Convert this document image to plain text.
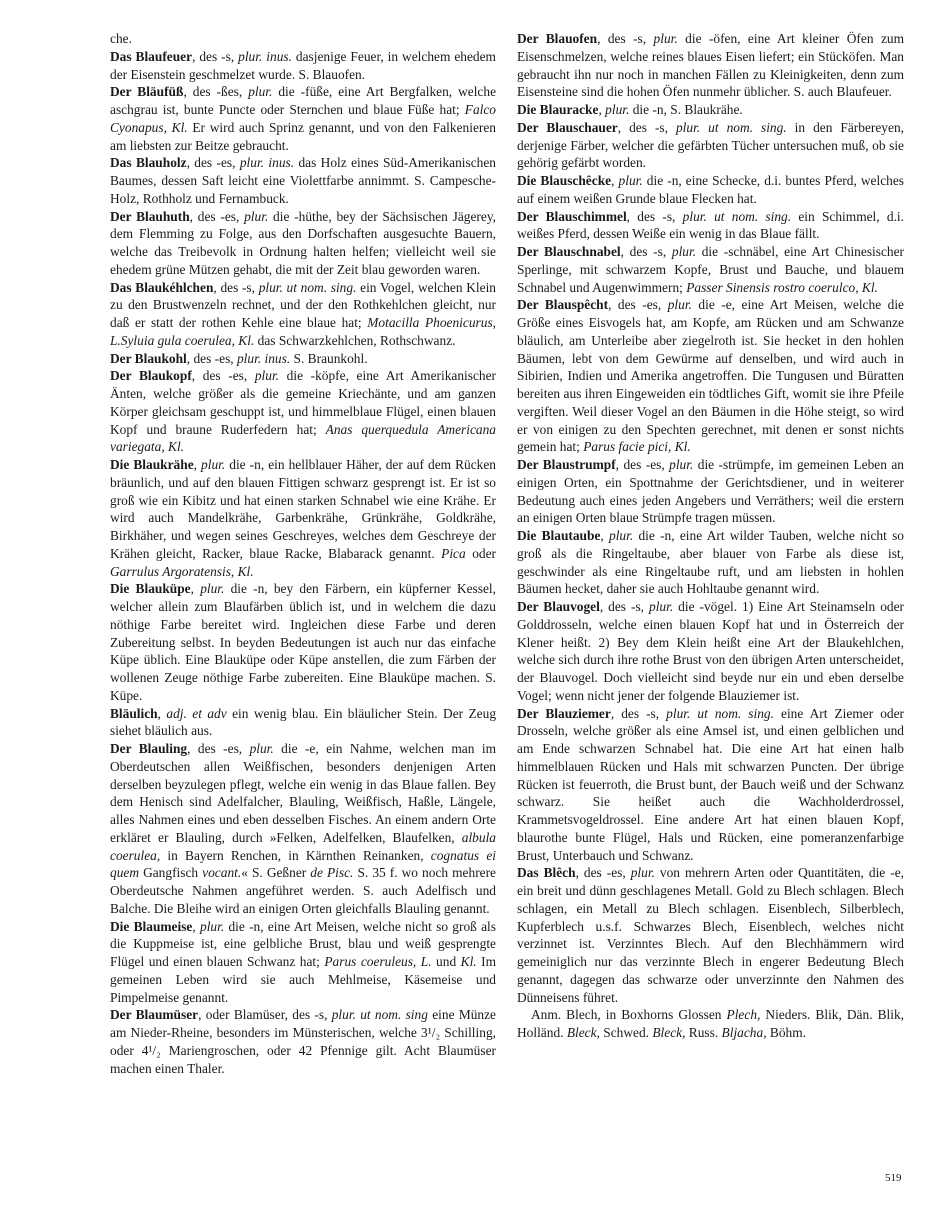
che.

Das Blaufeuer, des -s, plur. inus. dasjenige Feuer, in welchem ehedem der Eisenstein geschmelzet wurde. S. Blauofen.

Der Bläufüß, des -ßes, plur. die -füße, eine Art Bergfalken, welche aschgrau ist, bunte Puncte oder Sternchen und blaue Füße hat; Falco Cyonapus, Kl. Er wird auch Sprinz genannt, und von den Falkenieren am liebsten zur Beitze gebraucht.

Das Blauholz, des -es, plur. inus. das Holz eines Süd-Amerikanischen Baumes, dessen Saft leicht eine Violettfarbe annimmt. S. Campesche-Holz, Rothholz und Fernambuck.

Der Blauhuth, des -es, plur. die -hüthe, bey der Sächsischen Jägerey, dem Flemming zu Folge, aus den Dorfschaften ausgesuchte Bauern, welche das Treibevolk in Ordnung halten helfen; vielleicht weil sie ehedem grüne Mützen gehabt, die mit der Zeit blau geworden waren.

Das Blaukéhlchen, des -s, plur. ut nom. sing. ein Vogel, welchen Klein zu den Brustwenzeln rechnet, und der den Rothkehlchen gleicht, nur daß er statt der rothen Kehle eine blaue hat; Motacilla Phoenicurus, L.Syluia gula coerulea, Kl. das Schwarzkehlchen, Rothschwanz.

Der Blaukohl, des -es, plur. inus. S. Braunkohl.

Der Blaukopf, des -es, plur. die -köpfe, eine Art Amerikanischer Änten, welche größer als die gemeine Kriechänte, und am ganzen Körper gleichsam geschuppt ist, und himmelblaue Flügel, einen blauen Kopf und braune Ruderfedern hat; Anas querquedula Americana variegata, Kl.

Die Blaukrähe, plur. die -n, ein hellblauer Häher, der auf dem Rücken bräunlich, und auf den blauen Fittigen schwarz gesprengt ist. Er ist so groß wie ein Kibitz und hat einen starken Schnabel wie eine Krähe. Er wird auch Mandelkrähe, Garbenkrähe, Grünkrähe, Goldkrähe, Birkhäher, und wegen seines Geschreyes, welches dem Geschreye der Krähen gleicht, Racker, blaue Racke, Blabarack genannt. Pica oder Garrulus Argoratensis, Kl.

Die Blauküpe, plur. die -n, bey den Färbern, ein küpferner Kessel, welcher allein zum Blaufärben üblich ist, und in welchem die dazu nöthige Farbe bereitet wird. Ingleichen diese Farbe und deren Zubereitung selbst. In beyden Bedeutungen ist auch nur das einfache Küpe üblich. Eine Blauküpe oder Küpe anstellen, die zum Färben der wollenen Zeuge nöthige Farbe zubereiten. Eine Blauküpe machen. S. Küpe.

Bläulich, adj. et adv ein wenig blau. Ein bläulicher Stein. Der Zeug siehet bläulich aus.

Der Blauling, des -es, plur. die -e, ein Nahme, welchen man im Oberdeutschen allen Weißfischen, besonders denjenigen Arten derselben beyzulegen pflegt, welche ein wenig in das Blaue fallen. Bey dem Henisch sind Adelfalcher, Blauling, Weißfisch, Haßle, Längele, alles Nahmen eines und eben desselben Fisches. An einem andern Orte erkläret er Blauling, durch »Felken, Adelfelken, Blaufelken, albula coerulea, in Bayern Renchen, in Kärnthen Reinanken, cognatus ei quem Gangfisch vocant.« S. Geßner de Pisc. S. 35 f. wo noch mehrere Oberdeutsche Nahmen angeführet werden. S. auch Adelfisch und Balche. Die Bleihe wird an einigen Orten gleichfalls Blauling genannt.

Die Blaumeise, plur. die -n, eine Art Meisen, welche nicht so groß als die Kuppmeise ist, eine gelbliche Brust, blau und weiß gesprengte Flügel und einen blauen Schwanz hat; Parus coeruleus, L. und Kl. Im gemeinen Leben wird sie auch Mehlmeise, Käsemeise und Pimpelmeise genannt.

Der Blaumüser, oder Blamüser, des -s, plur. ut nom. sing eine Münze am Nieder-Rheine, besonders im Münsterischen, welche 3¹/₂ Schilling, oder 4¹/₂ Mariengroschen, oder 42 Pfennige gilt. Acht Blaumüser machen einen Thaler.

Der Blauofen, des -s, plur. die -öfen, eine Art kleiner Öfen zum Eisenschmelzen, welche reines blaues Eisen liefert; ein Stücköfen. Man gebraucht ihn nur noch in manchen Fällen zu Kleinigkeiten, denn zum Eisensteine sind die hohen Öfen nunmehr üblicher. S. auch Blaufeuer.

Die Blauracke, plur. die -n, S. Blaukrähe.

Der Blauschauer, des -s, plur. ut nom. sing. in den Färbereyen, derjenige Färber, welcher die gefärbten Tücher untersuchen muß, ob sie gehörig gefärbt worden.

Die Blauschêcke, plur. die -n, eine Schecke, d.i. buntes Pferd, welches auf einem weißen Grunde blaue Flecken hat.

Der Blauschimmel, des -s, plur. ut nom. sing. ein Schimmel, d.i. weißes Pferd, dessen Weiße ein wenig in das Blaue fällt.

Der Blauschnabel, des -s, plur. die -schnäbel, eine Art Chinesischer Sperlinge, mit schwarzem Kopfe, Brust und Bauche, und blauem Schnabel und Augenwimmern; Passer Sinensis rostro coerulco, Kl.

Der Blauspêcht, des -es, plur. die -e, eine Art Meisen, welche die Größe eines Eisvogels hat, am Kopfe, am Rücken und am Schwanze bläulich, am Unterleibe aber ziegelroth ist. Sie hecket in den hohlen Bäumen, lebt von dem Gewürme auf denselben, und wird auch in Sibirien, Indien und Amerika angetroffen. Die Tungusen und Büratten bereiten aus ihren Eingeweiden ein tödtliches Gift, womit sie ihre Pfeile vergiften. Weil dieser Vogel an den Bäumen in die Höhe steigt, so wird er von einigen zu den Spechten gerechnet, mit denen er sonst nichts gemein hat; Parus facie pici, Kl.

Der Blaustrumpf, des -es, plur. die -strümpfe, im gemeinen Leben an einigen Orten, ein Spottnahme der Gerichtsdiener, und in weiterer Bedeutung auch eines jeden Angebers und Verräthers; weil die erstern an einigen Orten blaue Strümpfe tragen müssen.

Die Blautaube, plur. die -n, eine Art wilder Tauben, welche nicht so groß als die Ringeltaube, aber blauer von Farbe als diese ist, geschwinder als eine Ringeltaube ruft, und am liebsten in hohlen Bäumen hecket, daher sie auch Hohltaube genannt wird.

Der Blauvogel, des -s, plur. die -vögel. 1) Eine Art Steinamseln oder Golddrosseln, welche einen blauen Kopf hat und in Österreich der Klener heißt. 2) Bey dem Klein heißt eine Art der Blaukehlchen, welche sich durch ihre rothe Brust von den übrigen Arten unterscheidet, der Blauvogel. Doch vielleicht sind beyde nur ein und eben derselbe Vogel; wenn nicht jener der folgende Blauziemer ist.

Der Blauziemer, des -s, plur. ut nom. sing. eine Art Ziemer oder Drosseln, welche größer als eine Amsel ist, und einen gelblichen und am Ende schwarzen Schnabel hat. Die eine Art hat einen halb himmelblauen Rücken und Hals mit schwarzen Puncten. Der übrige Rücken ist feuerroth, die Brust bunt, der Bauch weiß und der Schwanz schwarz. Sie heißet auch die Wachholderdrossel, Krammetsvogeldrossel. Eine andere Art hat einen blauen Kopf, blaurothe bunte Flügel, Hals und Rücken, eine pomeranzenfarbige Brust, Unterbauch und Schwanz.

Das Blêch, des -es, plur. von mehrern Arten oder Quantitäten, die -e, ein breit und dünn geschlagenes Metall. Gold zu Blech schlagen. Blech schlagen, ein Metall zu Blech schlagen. Eisenblech, Silberblech, Kupferblech u.s.f. Schwarzes Blech, Eisenblech, welches nicht verzinnet ist. Verzinntes Blech. Auf den Blechhämmern wird gemeiniglich nur das verzinnte Blech in engerer Bedeutung Blech genannt, dagegen das schwarze oder unverzinnte den Nahmen des Dünneisens führet.

Anm. Blech, in Boxhorns Glossen Plech, Nieders. Blik, Dän. Blik, Holländ. Bleck, Schwed. Bleck, Russ. Bljacha, Böhm.

519
